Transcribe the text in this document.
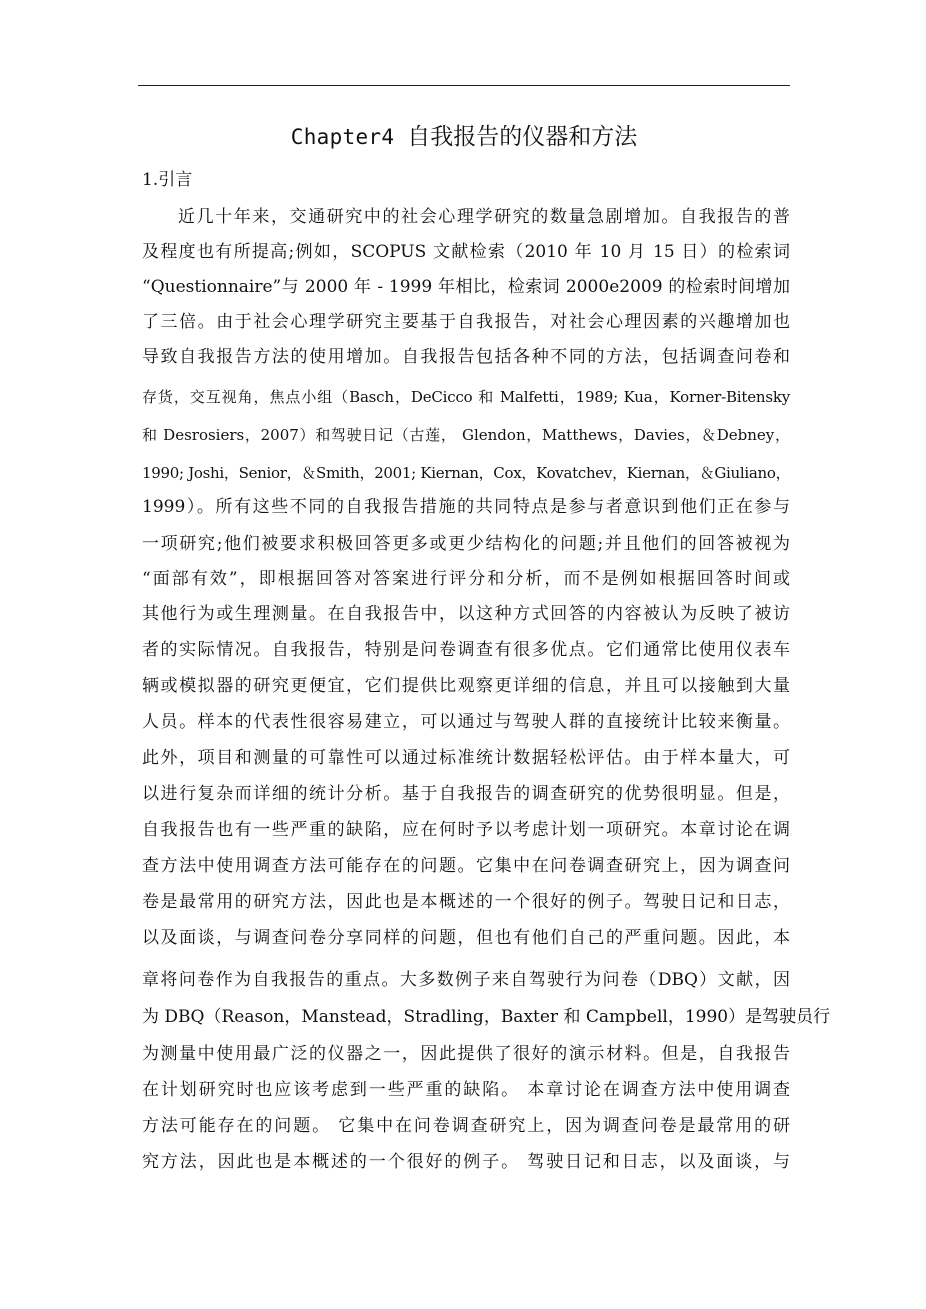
Chapter4 自我报告的仪器和方法
1.引言
近几十年来，交通研究中的社会心理学研究的数量急剧增加。自我报告的普
及程度也有所提高;例如，SCOPUS 文献检索（2010 年 10 月 15 日）的检索词
“Questionnaire”与 2000 年 - 1999 年相比，检索词 2000e2009 的检索时间增加
了三倍。由于社会心理学研究主要基于自我报告，对社会心理因素的兴趣增加也
导致自我报告方法的使用增加。自我报告包括各种不同的方法，包括调查问卷和
存货，交互视角，焦点小组（Basch，DeCicco 和 Malfetti，1989; Kua，Korner-Bitensky
和 Desrosiers，2007）和驾驶日记（古莲， Glendon，Matthews，Davies，＆Debney，
1990; Joshi，Senior，＆Smith，2001; Kiernan，Cox，Kovatchev，Kiernan，＆Giuliano，
1999）。所有这些不同的自我报告措施的共同特点是参与者意识到他们正在参与
一项研究;他们被要求积极回答更多或更少结构化的问题;并且他们的回答被视为
“面部有效”，即根据回答对答案进行评分和分析，而不是例如根据回答时间或
其他行为或生理测量。在自我报告中，以这种方式回答的内容被认为反映了被访
者的实际情况。自我报告，特别是问卷调查有很多优点。它们通常比使用仪表车
辆或模拟器的研究更便宜，它们提供比观察更详细的信息，并且可以接触到大量
人员。样本的代表性很容易建立，可以通过与驾驶人群的直接统计比较来衡量。
此外，项目和测量的可靠性可以通过标准统计数据轻松评估。由于样本量大，可
以进行复杂而详细的统计分析。基于自我报告的调查研究的优势很明显。但是，
自我报告也有一些严重的缺陷，应在何时予以考虑计划一项研究。本章讨论在调
查方法中使用调查方法可能存在的问题。它集中在问卷调查研究上，因为调查问
卷是最常用的研究方法，因此也是本概述的一个很好的例子。驾驶日记和日志，
以及面谈，与调查问卷分享同样的问题，但也有他们自己的严重问题。因此，本
章将问卷作为自我报告的重点。大多数例子来自驾驶行为问卷（DBQ）文献，因
为 DBQ（Reason，Manstead，Stradling，Baxter 和 Campbell，1990）是驾驶员行
为测量中使用最广泛的仪器之一，因此提供了很好的演示材料。但是，自我报告
在计划研究时也应该考虑到一些严重的缺陷。 本章讨论在调查方法中使用调查
方法可能存在的问题。 它集中在问卷调查研究上，因为调查问卷是最常用的研
究方法，因此也是本概述的一个很好的例子。 驾驶日记和日志，以及面谈，与
